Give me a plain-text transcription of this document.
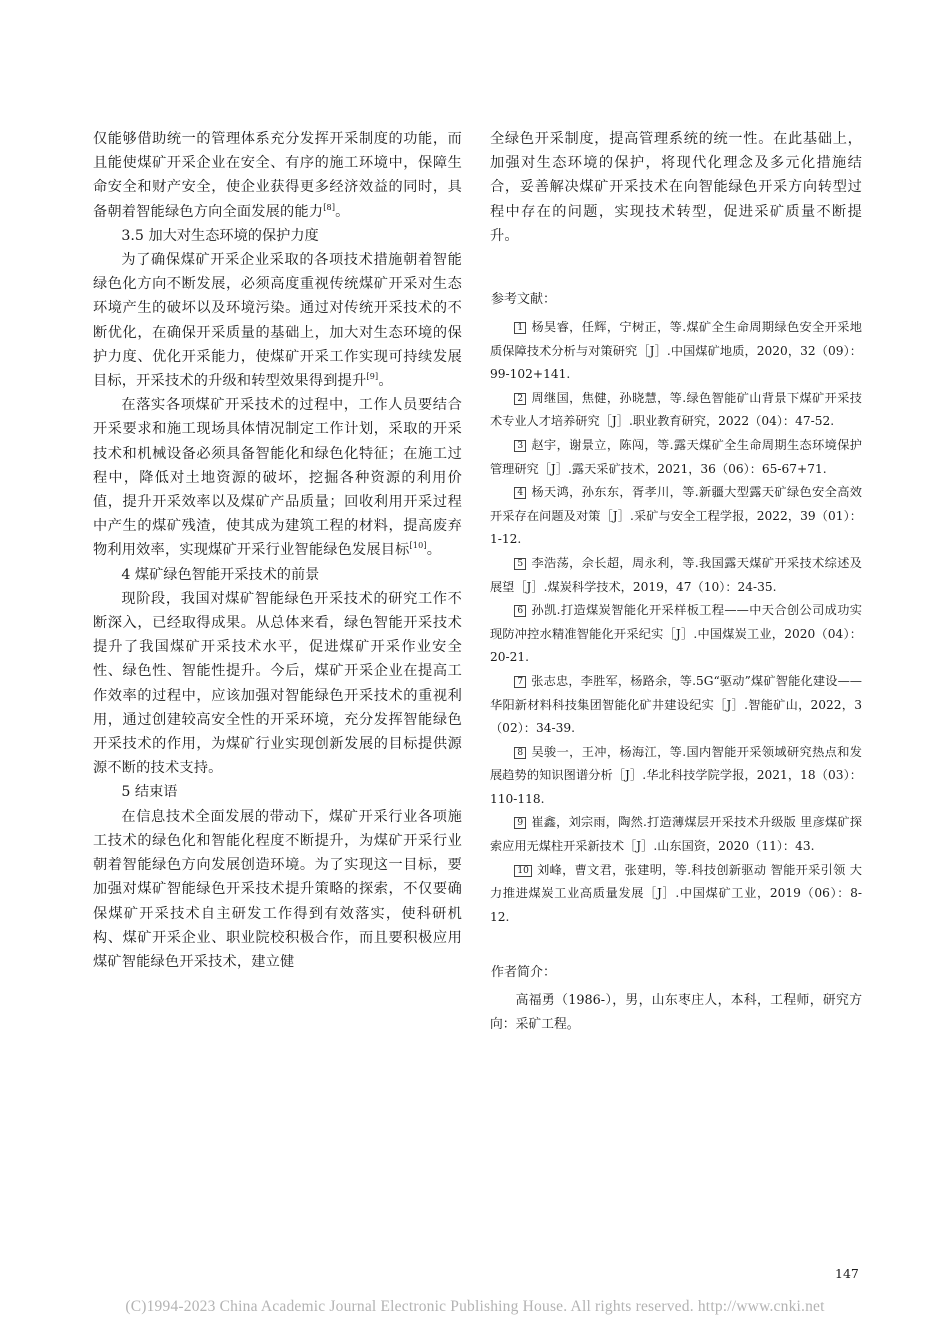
仅能够借助统一的管理体系充分发挥开采制度的功能，而且能使煤矿开采企业在安全、有序的施工环境中，保障生命安全和财产安全，使企业获得更多经济效益的同时，具备朝着智能绿色方向全面发展的能力[8]。

3.5 加大对生态环境的保护力度

为了确保煤矿开采企业采取的各项技术措施朝着智能绿色化方向不断发展，必须高度重视传统煤矿开采对生态环境产生的破坏以及环境污染。通过对传统开采技术的不断优化，在确保开采质量的基础上，加大对生态环境的保护力度、优化开采能力，使煤矿开采工作实现可持续发展目标，开采技术的升级和转型效果得到提升[9]。

在落实各项煤矿开采技术的过程中，工作人员要结合开采要求和施工现场具体情况制定工作计划，采取的开采技术和机械设备必须具备智能化和绿色化特征；在施工过程中，降低对土地资源的破坏，挖掘各种资源的利用价值，提升开采效率以及煤矿产品质量；回收利用开采过程中产生的煤矿残渣，使其成为建筑工程的材料，提高废弃物利用效率，实现煤矿开采行业智能绿色发展目标[10]。

4 煤矿绿色智能开采技术的前景

现阶段，我国对煤矿智能绿色开采技术的研究工作不断深入，已经取得成果。从总体来看，绿色智能开采技术提升了我国煤矿开采技术水平，促进煤矿开采作业安全性、绿色性、智能性提升。今后，煤矿开采企业在提高工作效率的过程中，应该加强对智能绿色开采技术的重视利用，通过创建较高安全性的开采环境，充分发挥智能绿色开采技术的作用，为煤矿行业实现创新发展的目标提供源源不断的技术支持。

5 结束语

在信息技术全面发展的带动下，煤矿开采行业各项施工技术的绿色化和智能化程度不断提升，为煤矿开采行业朝着智能绿色方向发展创造环境。为了实现这一目标，要加强对煤矿智能绿色开采技术提升策略的探索，不仅要确保煤矿开采技术自主研发工作得到有效落实，使科研机构、煤矿开采企业、职业院校积极合作，而且要积极应用煤矿智能绿色开采技术，建立健

全绿色开采制度，提高管理系统的统一性。在此基础上，加强对生态环境的保护，将现代化理念及多元化措施结合，妥善解决煤矿开采技术在向智能绿色开采方向转型过程中存在的问题，实现技术转型，促进采矿质量不断提升。

参考文献：

1 杨昊睿，任辉，宁树正，等.煤矿全生命周期绿色安全开采地质保障技术分析与对策研究［J］.中国煤矿地质，2020，32（09）：99-102+141.

2 周继国，焦健，孙晓慧，等.绿色智能矿山背景下煤矿开采技术专业人才培养研究［J］.职业教育研究，2022（04）：47-52.

3 赵宇，谢景立，陈闯，等.露天煤矿全生命周期生态环境保护管理研究［J］.露天采矿技术，2021，36（06）：65-67+71.

4 杨天鸿，孙东东，胥孝川，等.新疆大型露天矿绿色安全高效开采存在问题及对策［J］.采矿与安全工程学报，2022，39（01）：1-12.

5 李浩荡，佘长超，周永利，等.我国露天煤矿开采技术综述及展望［J］.煤炭科学技术，2019，47（10）：24-35.

6 孙凯.打造煤炭智能化开采样板工程——中天合创公司成功实现防冲控水精准智能化开采纪实［J］.中国煤炭工业，2020（04）：20-21.

7 张志忠，李胜军，杨路余，等.5G“驱动”煤矿智能化建设——华阳新材料科技集团智能化矿井建设纪实［J］.智能矿山，2022，3（02）：34-39.

8 吴骏一，王冲，杨海江，等.国内智能开采领域研究热点和发展趋势的知识图谱分析［J］.华北科技学院学报，2021，18（03）：110-118.

9 崔鑫，刘宗雨，陶然.打造薄煤层开采技术升级版 里彦煤矿探索应用无煤柱开采新技术［J］.山东国资，2020（11）：43.

10 刘峰，曹文君，张建明，等.科技创新驱动 智能开采引领 大力推进煤炭工业高质量发展［J］.中国煤矿工业，2019（06）：8-12.

作者简介：

高福勇（1986-），男，山东枣庄人，本科，工程师，研究方向：采矿工程。

147
(C)1994-2023 China Academic Journal Electronic Publishing House. All rights reserved. http://www.cnki.net
